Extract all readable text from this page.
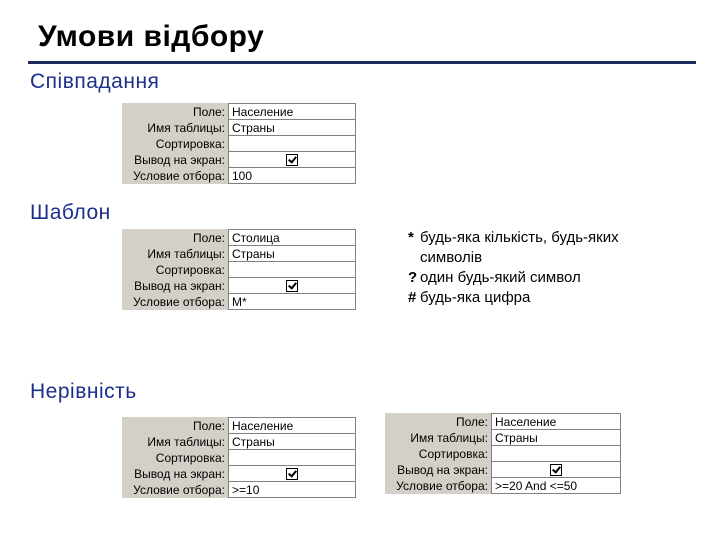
Умови відбору
Співпадання
Поле:	Население
Имя таблицы:	Страны
Сортировка:	
Вывод на экран:	
Условие отбора:	100
Шаблон
Поле:	Столица
Имя таблицы:	Страны
Сортировка:	
Вывод на экран:	
Условие отбора:	M*
* будь-яка кількість, будь-яких
символів
? один будь-який символ
# будь-яка цифра
Нерівність
Поле:	Население
Имя таблицы:	Страны
Сортировка:	
Вывод на экран:	
Условие отбора:	>=10
Поле:	Население
Имя таблицы:	Страны
Сортировка:	
Вывод на экран:	
Условие отбора:	>=20 And <=50
